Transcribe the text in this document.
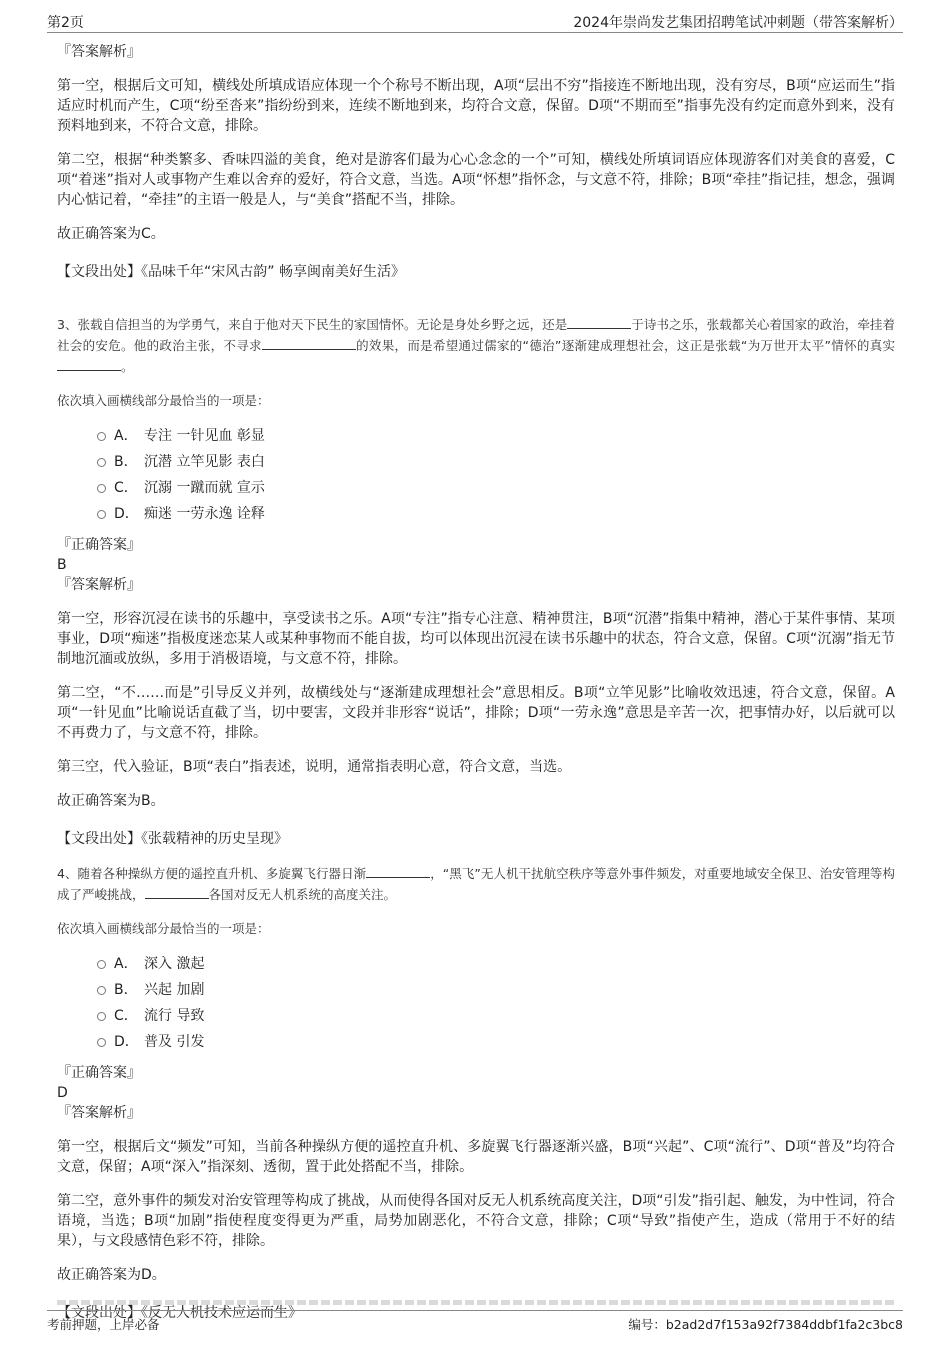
第2页	2024年崇尚发艺集团招聘笔试冲刺题（带答案解析）

『答案解析』

第一空，根据后文可知，横线处所填成语应体现一个个称号不断出现，A项“层出不穷”指接连不断地出现，没有穷尽，B项“应运而生”指适应时机而产生，C项“纷至沓来”指纷纷到来，连续不断地到来，均符合文意，保留。D项“不期而至”指事先没有约定而意外到来，没有预料地到来，不符合文意，排除。

第二空，根据“种类繁多、香味四溢的美食，绝对是游客们最为心心念念的一个”可知，横线处所填词语应体现游客们对美食的喜爱，C项“着迷”指对人或事物产生难以舍弃的爱好，符合文意，当选。A项“怀想”指怀念，与文意不符，排除；B项“牵挂”指记挂，想念，强调内心惦记着，“牵挂”的主语一般是人，与“美食”搭配不当，排除。

故正确答案为C。

【文段出处】《品味千年“宋风古韵” 畅享闽南美好生活》

3、张载自信担当的为学勇气，来自于他对天下民生的家国情怀。无论是身处乡野之远，还是	于诗书之乐，张载都关心着国家的政治，牵挂着社会的安危。他的政治主张，不寻求	的效果，而是希望通过儒家的“德治”逐渐建成理想社会，这正是张载“为万世开太平”情怀的真实。

依次填入画横线部分最恰当的一项是：

A． 专注 一针见血 彰显
B． 沉潜 立竿见影 表白
C． 沉溺 一蹴而就 宣示
D． 痴迷 一劳永逸 诠释

『正确答案』

B

『答案解析』

第一空，形容沉浸在读书的乐趣中，享受读书之乐。A项“专注”指专心注意、精神贯注，B项“沉潜”指集中精神，潜心于某件事情、某项事业，D项“痴迷”指极度迷恋某人或某种事物而不能自拔，均可以体现出沉浸在读书乐趣中的状态，符合文意，保留。C项“沉溺”指无节制地沉湎或放纵，多用于消极语境，与文意不符，排除。

第二空，“不……而是”引导反义并列，故横线处与“逐渐建成理想社会”意思相反。B项“立竿见影”比喻收效迅速，符合文意，保留。A项“一针见血”比喻说话直截了当，切中要害，文段并非形容“说话”，排除；D项“一劳永逸”意思是辛苦一次，把事情办好，以后就可以不再费力了，与文意不符，排除。

第三空，代入验证，B项“表白”指表述，说明，通常指表明心意，符合文意，当选。

故正确答案为B。

【文段出处】《张载精神的历史呈现》

4、随着各种操纵方便的遥控直升机、多旋翼飞行器日渐	，“黑飞”无人机干扰航空秩序等意外事件频发，对重要地域安全保卫、治安管理等构成了严峻挑战，	各国对反无人机系统的高度关注。

依次填入画横线部分最恰当的一项是：

A． 深入 激起
B． 兴起 加剧
C． 流行 导致
D． 普及 引发

『正确答案』

D

『答案解析』

第一空，根据后文“频发”可知，当前各种操纵方便的遥控直升机、多旋翼飞行器逐渐兴盛，B项“兴起”、C项“流行”、D项“普及”均符合文意，保留；A项“深入”指深刻、透彻，置于此处搭配不当，排除。

第二空，意外事件的频发对治安管理等构成了挑战，从而使得各国对反无人机系统高度关注，D项“引发”指引起、触发，为中性词，符合语境，当选；B项“加剧”指使程度变得更为严重，局势加剧恶化，不符合文意，排除；C项“导致”指使产生，造成（常用于不好的结果），与文段感情色彩不符，排除。

故正确答案为D。

【文段出处】《反无人机技术应运而生》

考前押题，上岸必备	编号：b2ad2d7f153a92f7384ddbf1fa2c3bc8
